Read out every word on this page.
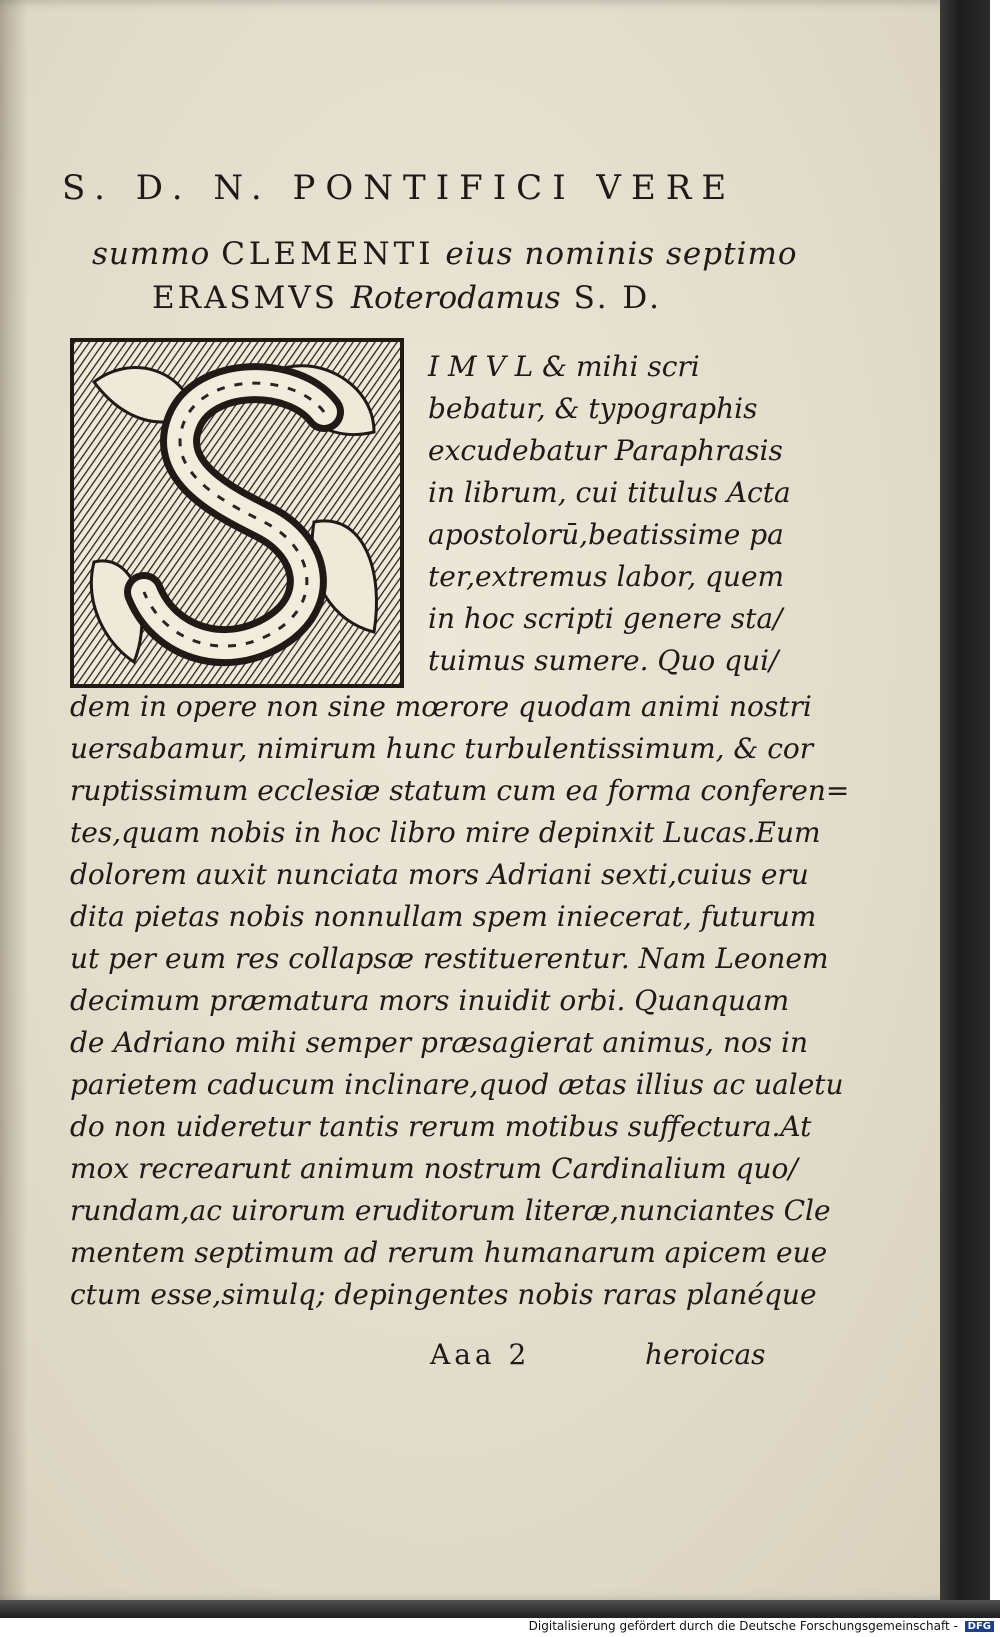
S. D. N. PONTIFICI VERE
summo CLEMENTI eius nominis septimo
ERASMVS Roterodamus S. D.
I M V L & mihi scri
bebatur, & typographis
excudebatur Paraphrasis
in librum, cui titulus Acta
apostolorū,beatissime pa
ter,extremus labor, quem
in hoc scripti genere sta/
tuimus sumere. Quo qui/
dem in opere non sine mœrore quodam animi nostri
uersabamur, nimirum hunc turbulentissimum, & cor
ruptissimum ecclesiæ statum cum ea forma conferen=
tes,quam nobis in hoc libro mire depinxit Lucas.Eum
dolorem auxit nunciata mors Adriani sexti,cuius eru
dita pietas nobis nonnullam spem iniecerat, futurum
ut per eum res collapsæ restituerentur. Nam Leonem
decimum præmatura mors inuidit orbi. Quanquam
de Adriano mihi semper præsagierat animus, nos in
parietem caducum inclinare,quod ætas illius ac ualetu
do non uideretur tantis rerum motibus suffectura.At
mox recrearunt animum nostrum Cardinalium quo/
rundam,ac uirorum eruditorum literæ,nunciantes Cle
mentem septimum ad rerum humanarum apicem eue
ctum esse,simulq; depingentes nobis raras planéque
Aaa 2	heroicas
Digitalisierung gefördert durch die Deutsche Forschungsgemeinschaft - DFG
